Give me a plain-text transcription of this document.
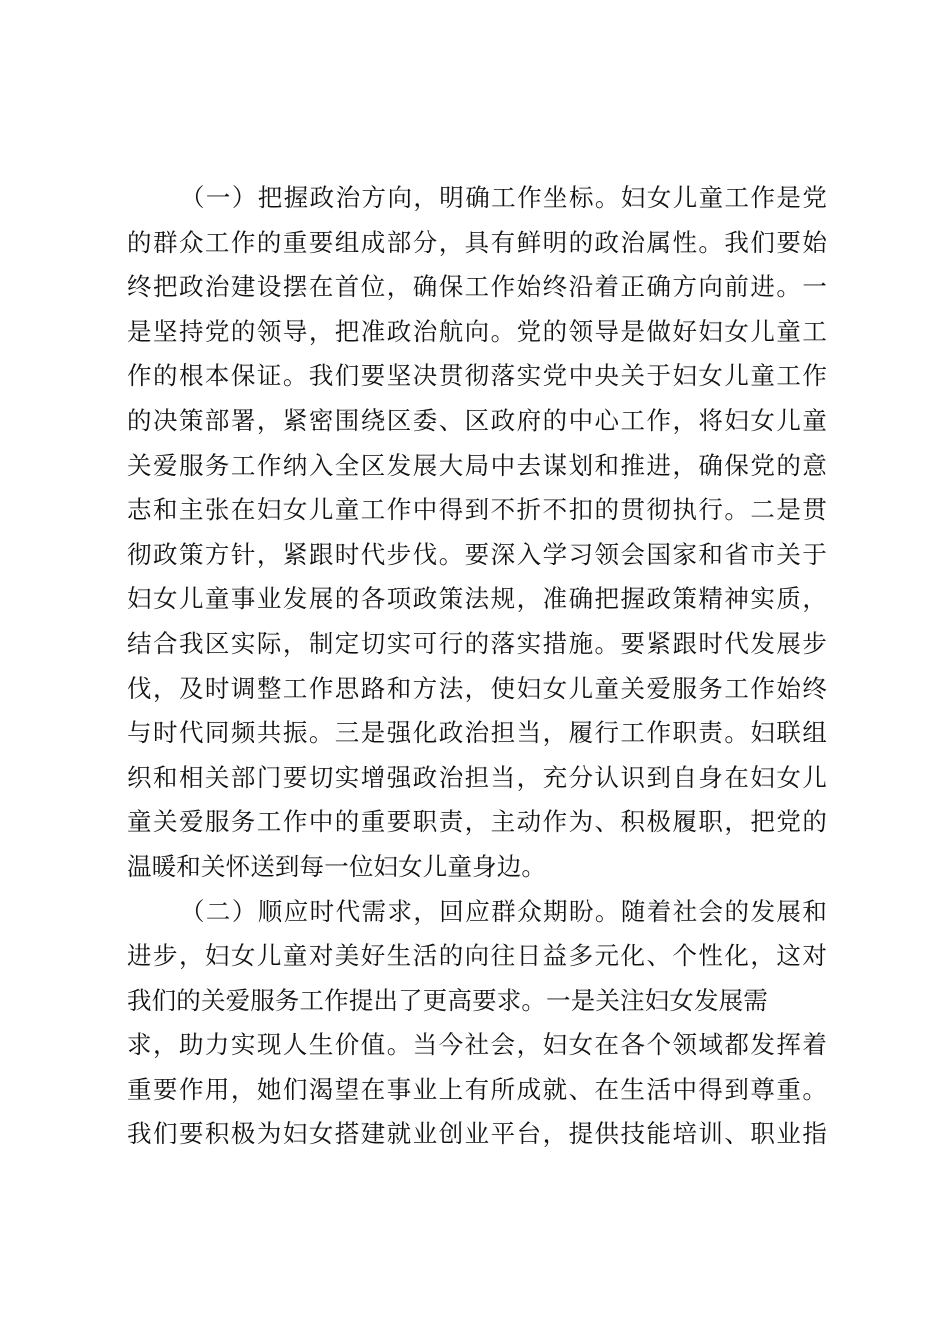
（一）把握政治方向，明确工作坐标。妇女儿童工作是党
的群众工作的重要组成部分，具有鲜明的政治属性。我们要始
终把政治建设摆在首位，确保工作始终沿着正确方向前进。一
是坚持党的领导，把准政治航向。党的领导是做好妇女儿童工
作的根本保证。我们要坚决贯彻落实党中央关于妇女儿童工作
的决策部署，紧密围绕区委、区政府的中心工作，将妇女儿童
关爱服务工作纳入全区发展大局中去谋划和推进，确保党的意
志和主张在妇女儿童工作中得到不折不扣的贯彻执行。二是贯
彻政策方针，紧跟时代步伐。要深入学习领会国家和省市关于
妇女儿童事业发展的各项政策法规，准确把握政策精神实质，
结合我区实际，制定切实可行的落实措施。要紧跟时代发展步
伐，及时调整工作思路和方法，使妇女儿童关爱服务工作始终
与时代同频共振。三是强化政治担当，履行工作职责。妇联组
织和相关部门要切实增强政治担当，充分认识到自身在妇女儿
童关爱服务工作中的重要职责，主动作为、积极履职，把党的
温暖和关怀送到每一位妇女儿童身边。
（二）顺应时代需求，回应群众期盼。随着社会的发展和
进步，妇女儿童对美好生活的向往日益多元化、个性化，这对
我们的关爱服务工作提出了更高要求。一是关注妇女发展需
求，助力实现人生价值。当今社会，妇女在各个领域都发挥着
重要作用，她们渴望在事业上有所成就、在生活中得到尊重。
我们要积极为妇女搭建就业创业平台，提供技能培训、职业指
